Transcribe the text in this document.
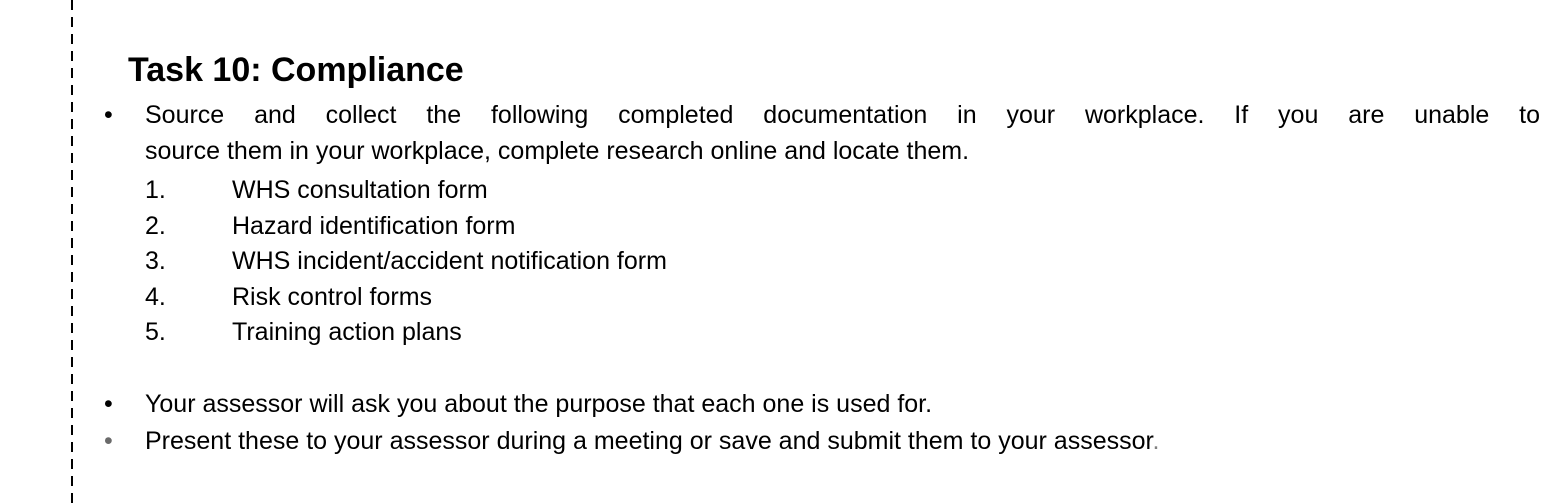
Task 10: Compliance
• Source and collect the following completed documentation in your workplace. If you are unable to
source them in your workplace, complete research online and locate them.
1.	WHS consultation form
2.	Hazard identification form
3.	WHS incident/accident notification form
4.	Risk control forms
5.	Training action plans
• Your assessor will ask you about the purpose that each one is used for.
• Present these to your assessor during a meeting or save and submit them to your assessor.
